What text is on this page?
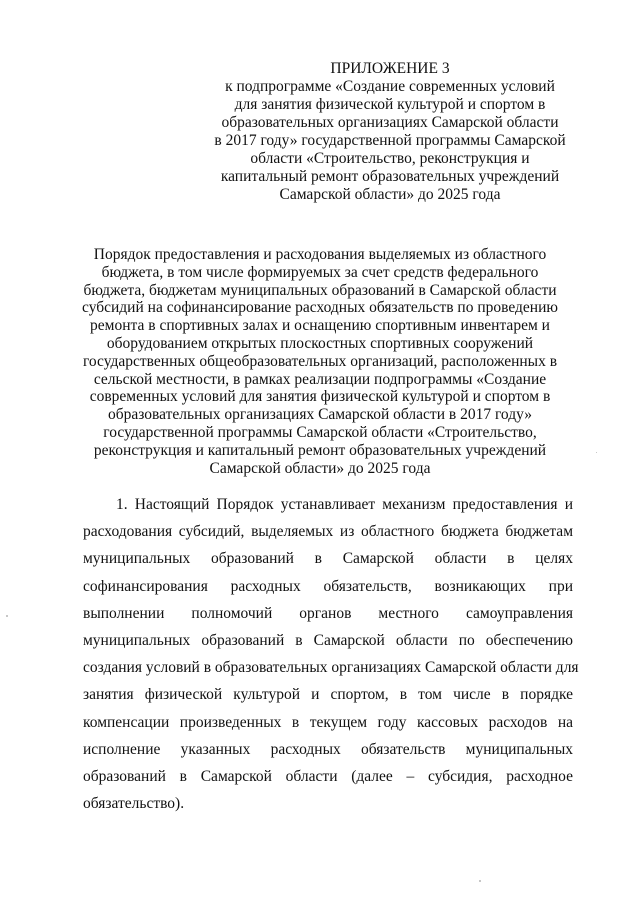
ПРИЛОЖЕНИЕ 3
к подпрограмме «Создание современных условий
для занятия физической культурой и спортом в
образовательных организациях Самарской области
в 2017 году» государственной программы Самарской
области «Строительство, реконструкция и
капитальный ремонт образовательных учреждений
Самарской области» до 2025 года
Порядок предоставления и расходования выделяемых из областного
бюджета, в том числе формируемых за счет средств федерального
бюджета, бюджетам муниципальных образований в Самарской области
субсидий на софинансирование расходных обязательств по проведению
ремонта в спортивных залах и оснащению спортивным инвентарем и
оборудованием открытых плоскостных спортивных сооружений
государственных общеобразовательных организаций, расположенных в
сельской местности, в рамках реализации подпрограммы «Создание
современных условий для занятия физической культурой и спортом в
образовательных организациях Самарской области в 2017 году»
государственной программы Самарской области «Строительство,
реконструкция и капитальный ремонт образовательных учреждений
Самарской области» до 2025 года
1. Настоящий Порядок устанавливает механизм предоставления и
расходования субсидий, выделяемых из областного бюджета бюджетам
муниципальных образований в Самарской области в целях
софинансирования расходных обязательств, возникающих при
выполнении полномочий органов местного самоуправления
муниципальных образований в Самарской области по обеспечению
создания условий в образовательных организациях Самарской области для
занятия физической культурой и спортом, в том числе в порядке
компенсации произведенных в текущем году кассовых расходов на
исполнение указанных расходных обязательств муниципальных
образований в Самарской области (далее – субсидия, расходное
обязательство).
